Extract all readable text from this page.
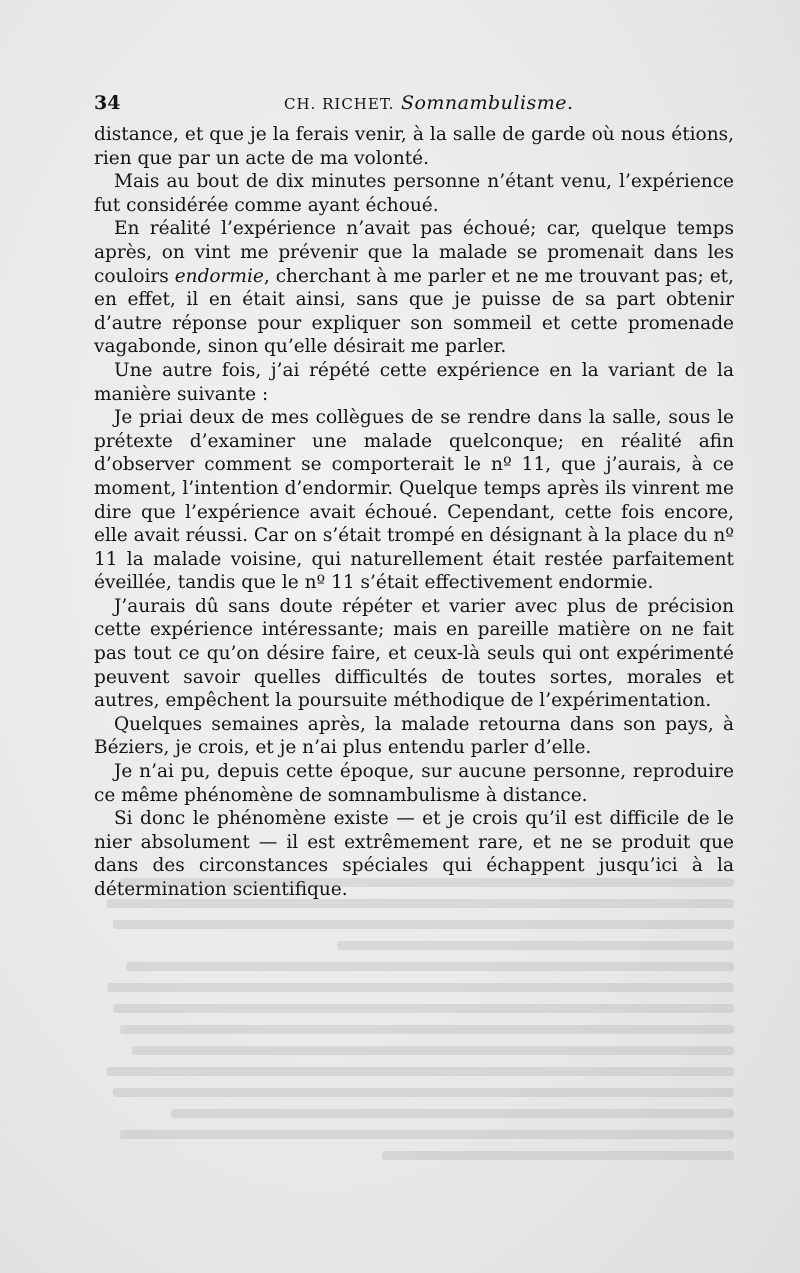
34	CH. RICHET. Somnambulisme.

distance, et que je la ferais venir, à la salle de garde où nous étions, rien que par un acte de ma volonté.

Mais au bout de dix minutes personne n’étant venu, l’expérience fut considérée comme ayant échoué.

En réalité l’expérience n’avait pas échoué; car, quelque temps après, on vint me prévenir que la malade se promenait dans les couloirs endormie, cherchant à me parler et ne me trouvant pas; et, en effet, il en était ainsi, sans que je puisse de sa part obtenir d’autre réponse pour expliquer son sommeil et cette promenade vagabonde, sinon qu’elle désirait me parler.

Une autre fois, j’ai répété cette expérience en la variant de la manière suivante :

Je priai deux de mes collègues de se rendre dans la salle, sous le prétexte d’examiner une malade quelconque; en réalité afin d’observer comment se comporterait le nº 11, que j’aurais, à ce moment, l’intention d’endormir. Quelque temps après ils vinrent me dire que l’expérience avait échoué. Cependant, cette fois encore, elle avait réussi. Car on s’était trompé en désignant à la place du nº 11 la malade voisine, qui naturellement était restée parfaitement éveillée, tandis que le nº 11 s’était effectivement endormie.

J’aurais dû sans doute répéter et varier avec plus de précision cette expérience intéressante; mais en pareille matière on ne fait pas tout ce qu’on désire faire, et ceux-là seuls qui ont expérimenté peuvent savoir quelles difficultés de toutes sortes, morales et autres, empêchent la poursuite méthodique de l’expérimentation.

Quelques semaines après, la malade retourna dans son pays, à Béziers, je crois, et je n’ai plus entendu parler d’elle.

Je n’ai pu, depuis cette époque, sur aucune personne, reproduire ce même phénomène de somnambulisme à distance.

Si donc le phénomène existe — et je crois qu’il est difficile de le nier absolument — il est extrêmement rare, et ne se produit que dans des circonstances spéciales qui échappent jusqu’ici à la détermination scientifique.
